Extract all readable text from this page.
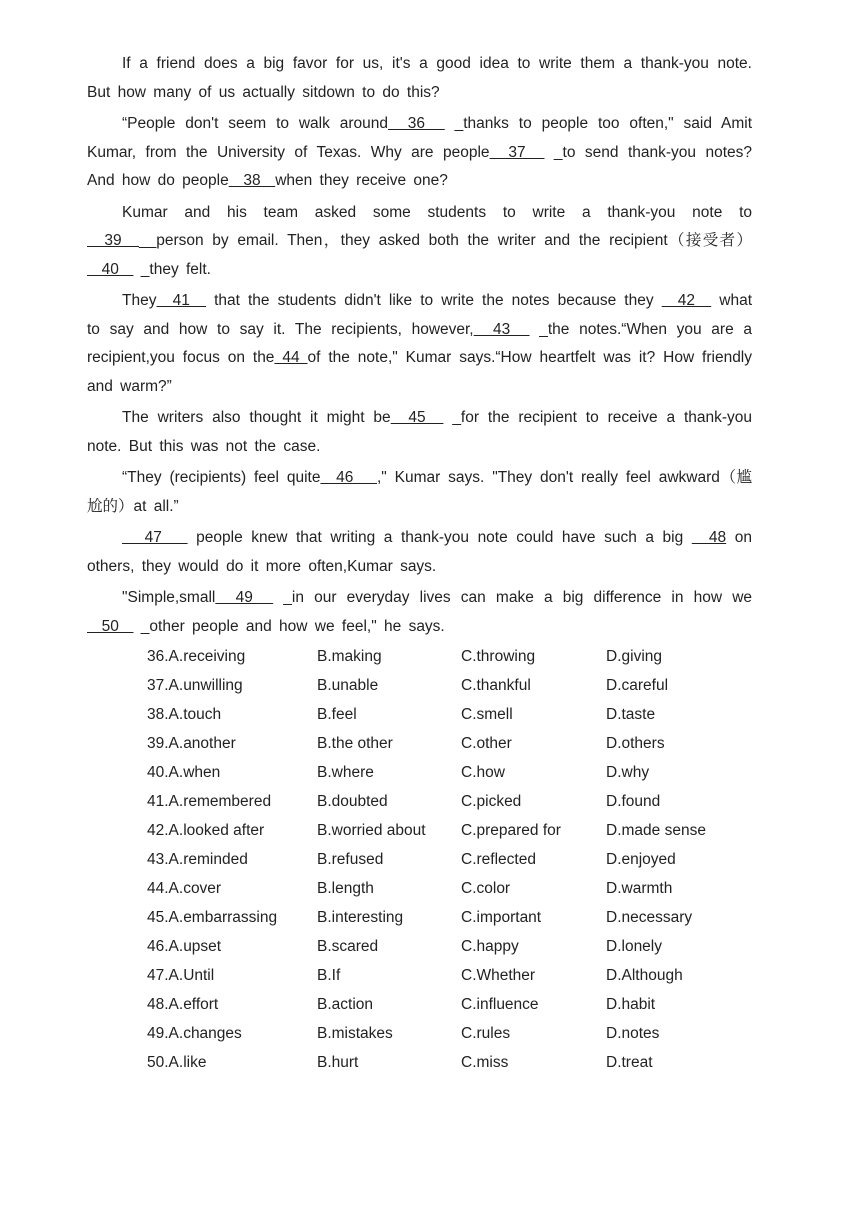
If a friend does a big favor for us, it's a good idea to write them a thank-you note. But how many of us actually sitdown to do this?

“People don't seem to walk around  36   _thanks to people too often," said Amit Kumar, from the University of Texas. Why are people  37   _to send thank-you notes? And how do people  38  when they receive one?

Kumar and his team asked some students to write a thank-you note to   39  __person by email. Then，they asked both the writer and the recipient（接受者）  40   _they felt.

They  41   that the students didn't like to write the notes because they   42   what to say and how to say it. The recipients, however,  43   _the notes.“When you are a recipient,you focus on the 44 of the note," Kumar says.“How heartfelt was it? How friendly and warm?”

The writers also thought it might be  45   _for the recipient to receive a thank-you note. But this was not the case.

“They (recipients) feel quite  46   ," Kumar says. "They don't really feel awkward（尴尬的）at all.”

47    people knew that writing a thank-you note could have such a big   48 on others, they would do it more often,Kumar says.

"Simple,small  49   _in our everyday lives can make a big difference in how we   50   _other people and how we feel," he says.

36.A.receiving	B.making	C.throwing	D.giving
37.A.unwilling	B.unable	C.thankful	D.careful
38.A.touch	B.feel	C.smell	D.taste
39.A.another	B.the other	C.other	D.others
40.A.when	B.where	C.how	D.why
41.A.remembered	B.doubted	C.picked	D.found
42.A.looked after	B.worried about	C.prepared for	D.made sense
43.A.reminded	B.refused	C.reflected	D.enjoyed
44.A.cover	B.length	C.color	D.warmth
45.A.embarrassing	B.interesting	C.important	D.necessary
46.A.upset	B.scared	C.happy	D.lonely
47.A.Until	B.If	C.Whether	D.Although
48.A.effort	B.action	C.influence	D.habit
49.A.changes	B.mistakes	C.rules	D.notes
50.A.like	B.hurt	C.miss	D.treat
